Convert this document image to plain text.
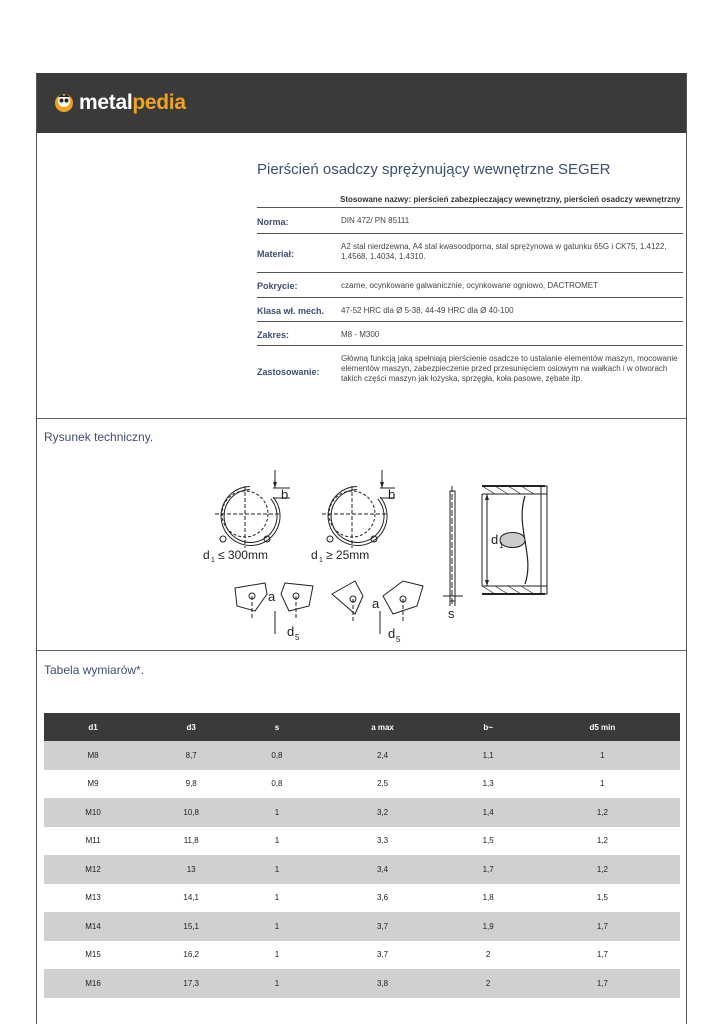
metalpedia
Pierścień osadczy sprężynujący wewnętrzne SEGER
Stosowane nazwy: pierścień zabezpieczający wewnętrzny, pierścień osadczy wewnętrzny
Norma:	DIN 472/ PN 85111
Materiał:
A2 stal nierdzewna, A4 stal kwasoodporna, stal sprężynowa w gatunku 65G i CK75, 1.4122, 1.4568, 1.4034, 1.4310.
Pokrycie:	czarne, ocynkowane galwanicznie, ocynkowane ogniowo, DACTROMET
Klasa wł. mech.	47-52 HRC dla Ø 5-38, 44-49 HRC dla Ø 40-100
Zakres:	M8 - M300
Zastosowanie:
Główną funkcją jaką spełniają pierścienie osadcze to ustalanie elementów maszyn, mocowanie elementów maszyn, zabezpieczenie przed przesunięciem osiowym na wałkach i w otworach takich części maszyn jak łożyska, sprzęgła, koła pasowe, zębate itp.
Rysunek techniczny.
b
d 1 ≤ 300mm
b
d 1 ≥ 25mm
s
d 1
a
d 5
a
d 5
Tabela wymiarów*.
d1	d3	s	a max	b~	d5 min
M8	8,7	0,8	2,4	1,1	1
M9	9,8	0,8	2,5	1,3	1
M10	10,8	1	3,2	1,4	1,2
M11	11,8	1	3,3	1,5	1,2
M12	13	1	3,4	1,7	1,2
M13	14,1	1	3,6	1,8	1,5
M14	15,1	1	3,7	1,9	1,7
M15	16,2	1	3,7	2	1,7
M16	17,3	1	3,8	2	1,7
